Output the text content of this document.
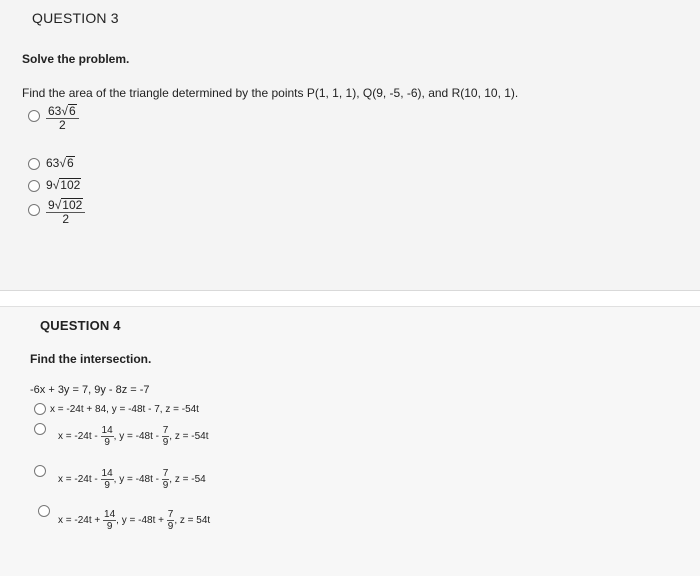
QUESTION 3
Solve the problem.
Find the area of the triangle determined by the points P(1, 1, 1), Q(9, -5, -6), and R(10, 10, 1).
$\frac{63√6}{2}$
63√6
9√102
$\frac{9√102}{2}$
QUESTION 4
Find the intersection.
-6x + 3y = 7, 9y - 8z = -7
x = -24t + 84, y = -48t - 7, z = -54t
$x = -24t - \frac{14}{9}$ , $y = -48t - \frac{7}{9}$ , z = -54t
$x = -24t - \frac{14}{9}$ , $y = -48t - \frac{7}{9}$ , z = -54
$x = -24t + \frac{14}{9}$ , $y = -48t + \frac{7}{9}$ , z = 54t
